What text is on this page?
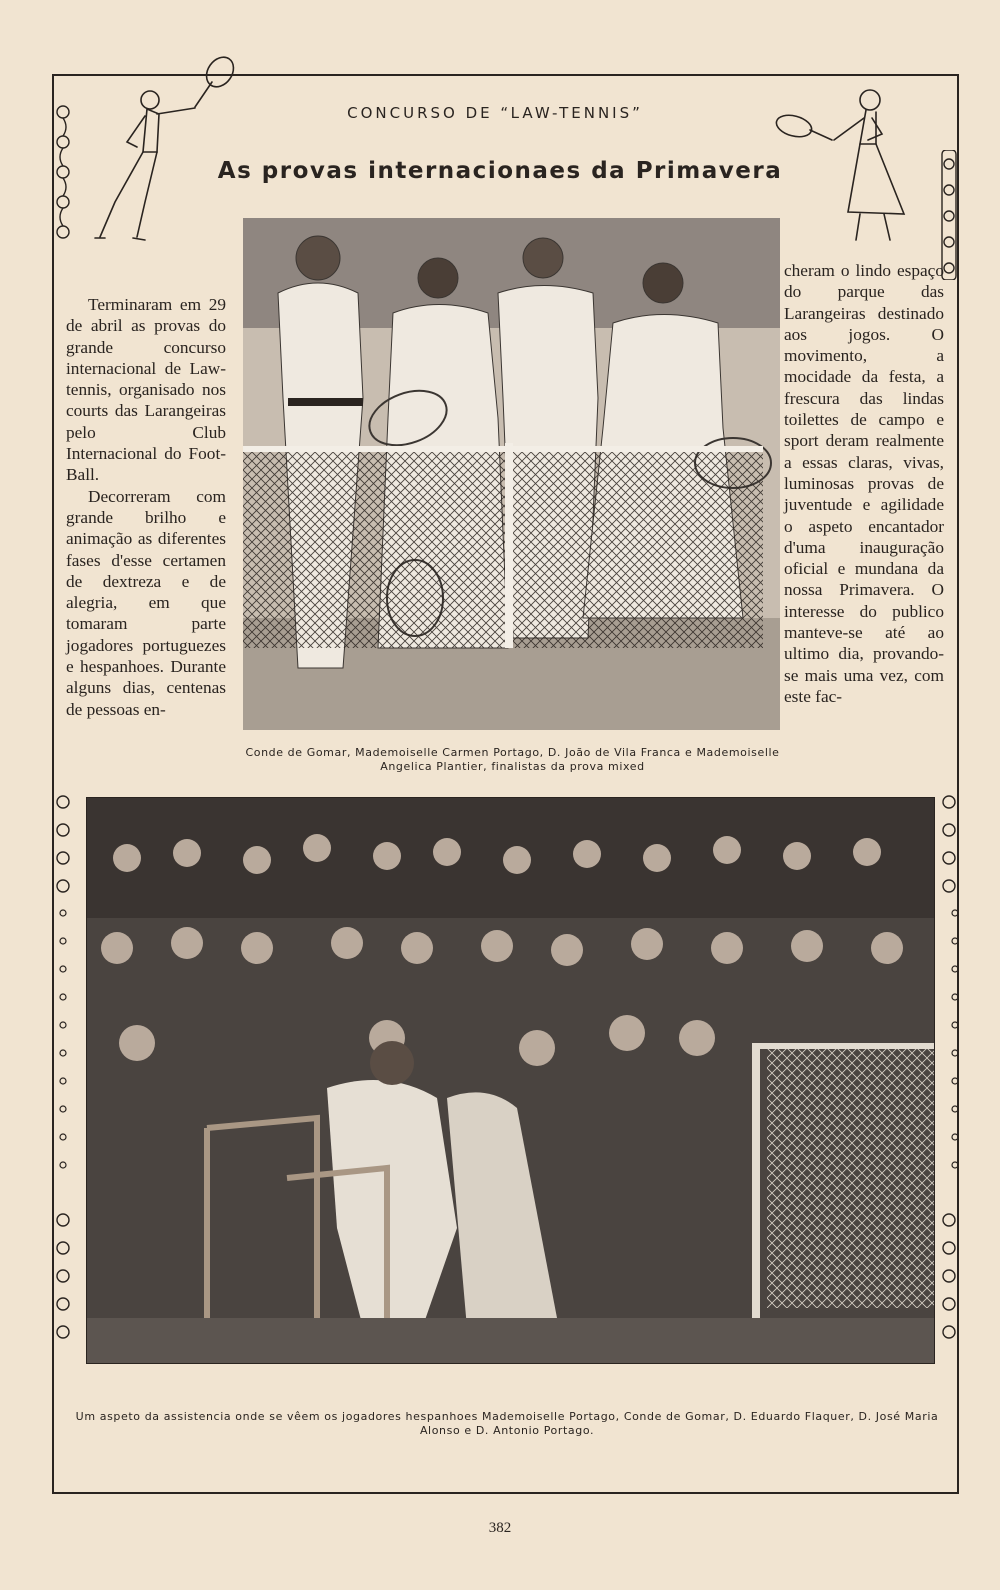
CONCURSO DE “LAW-TENNIS”
As provas internacionaes da Primavera

Terminaram em 29 de abril as provas do grande concurso internacional de Law-tennis, organisado nos courts das Larangeiras pelo Club Internacional do Foot-Ball.

Decorreram com grande brilho e animação as diferentes fases d'esse certamen de dextreza e de alegria, em que tomaram parte jogadores portuguezes e hespanhoes. Durante alguns dias, centenas de pessoas en-

Conde de Gomar, Mademoiselle Carmen Portago, D. João de Vila Franca e Mademoiselle Angelica Plantier, finalistas da prova mixed

cheram o lindo espaço do parque das Larangeiras destinado aos jogos. O movimento, a mocidade da festa, a frescura das lindas toilettes de campo e sport deram realmente a essas claras, vivas, luminosas provas de juventude e agilidade o aspeto encantador d'uma inauguração oficial e mundana da nossa Primavera. O interesse do publico manteve-se até ao ultimo dia, provando-se mais uma vez, com este fac-

Um aspeto da assistencia onde se vêem os jogadores hespanhoes Mademoiselle Portago, Conde de Gomar, D. Eduardo Flaquer, D. José Maria Alonso e D. Antonio Portago.
382
